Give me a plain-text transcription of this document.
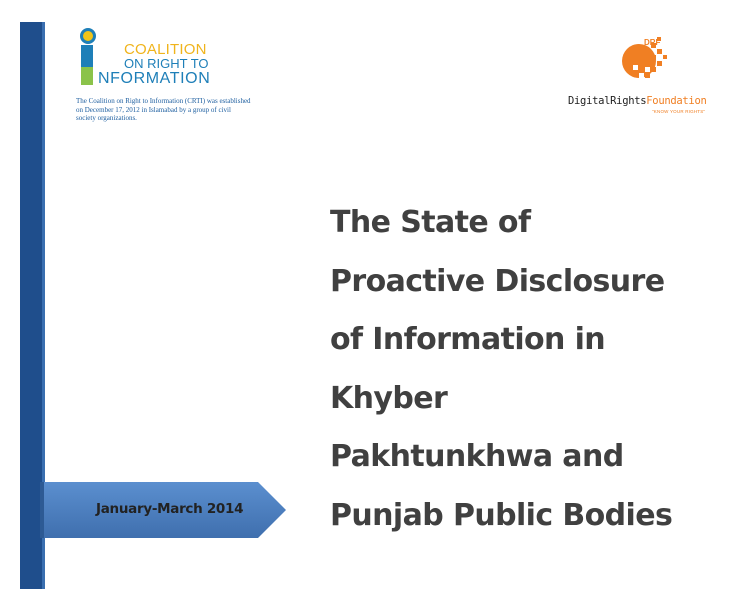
COALITION
ON RIGHT TO
NFORMATION
The Coalition on Right to Information (CRTI) was established on December 17, 2012 in Islamabad by a group of civil society organizations.
DRF
DigitalRightsFoundation
"KNOW YOUR RIGHTS"
The State of
Proactive Disclosure
of Information in
Khyber
Pakhtunkhwa and
Punjab Public Bodies
January-March 2014
